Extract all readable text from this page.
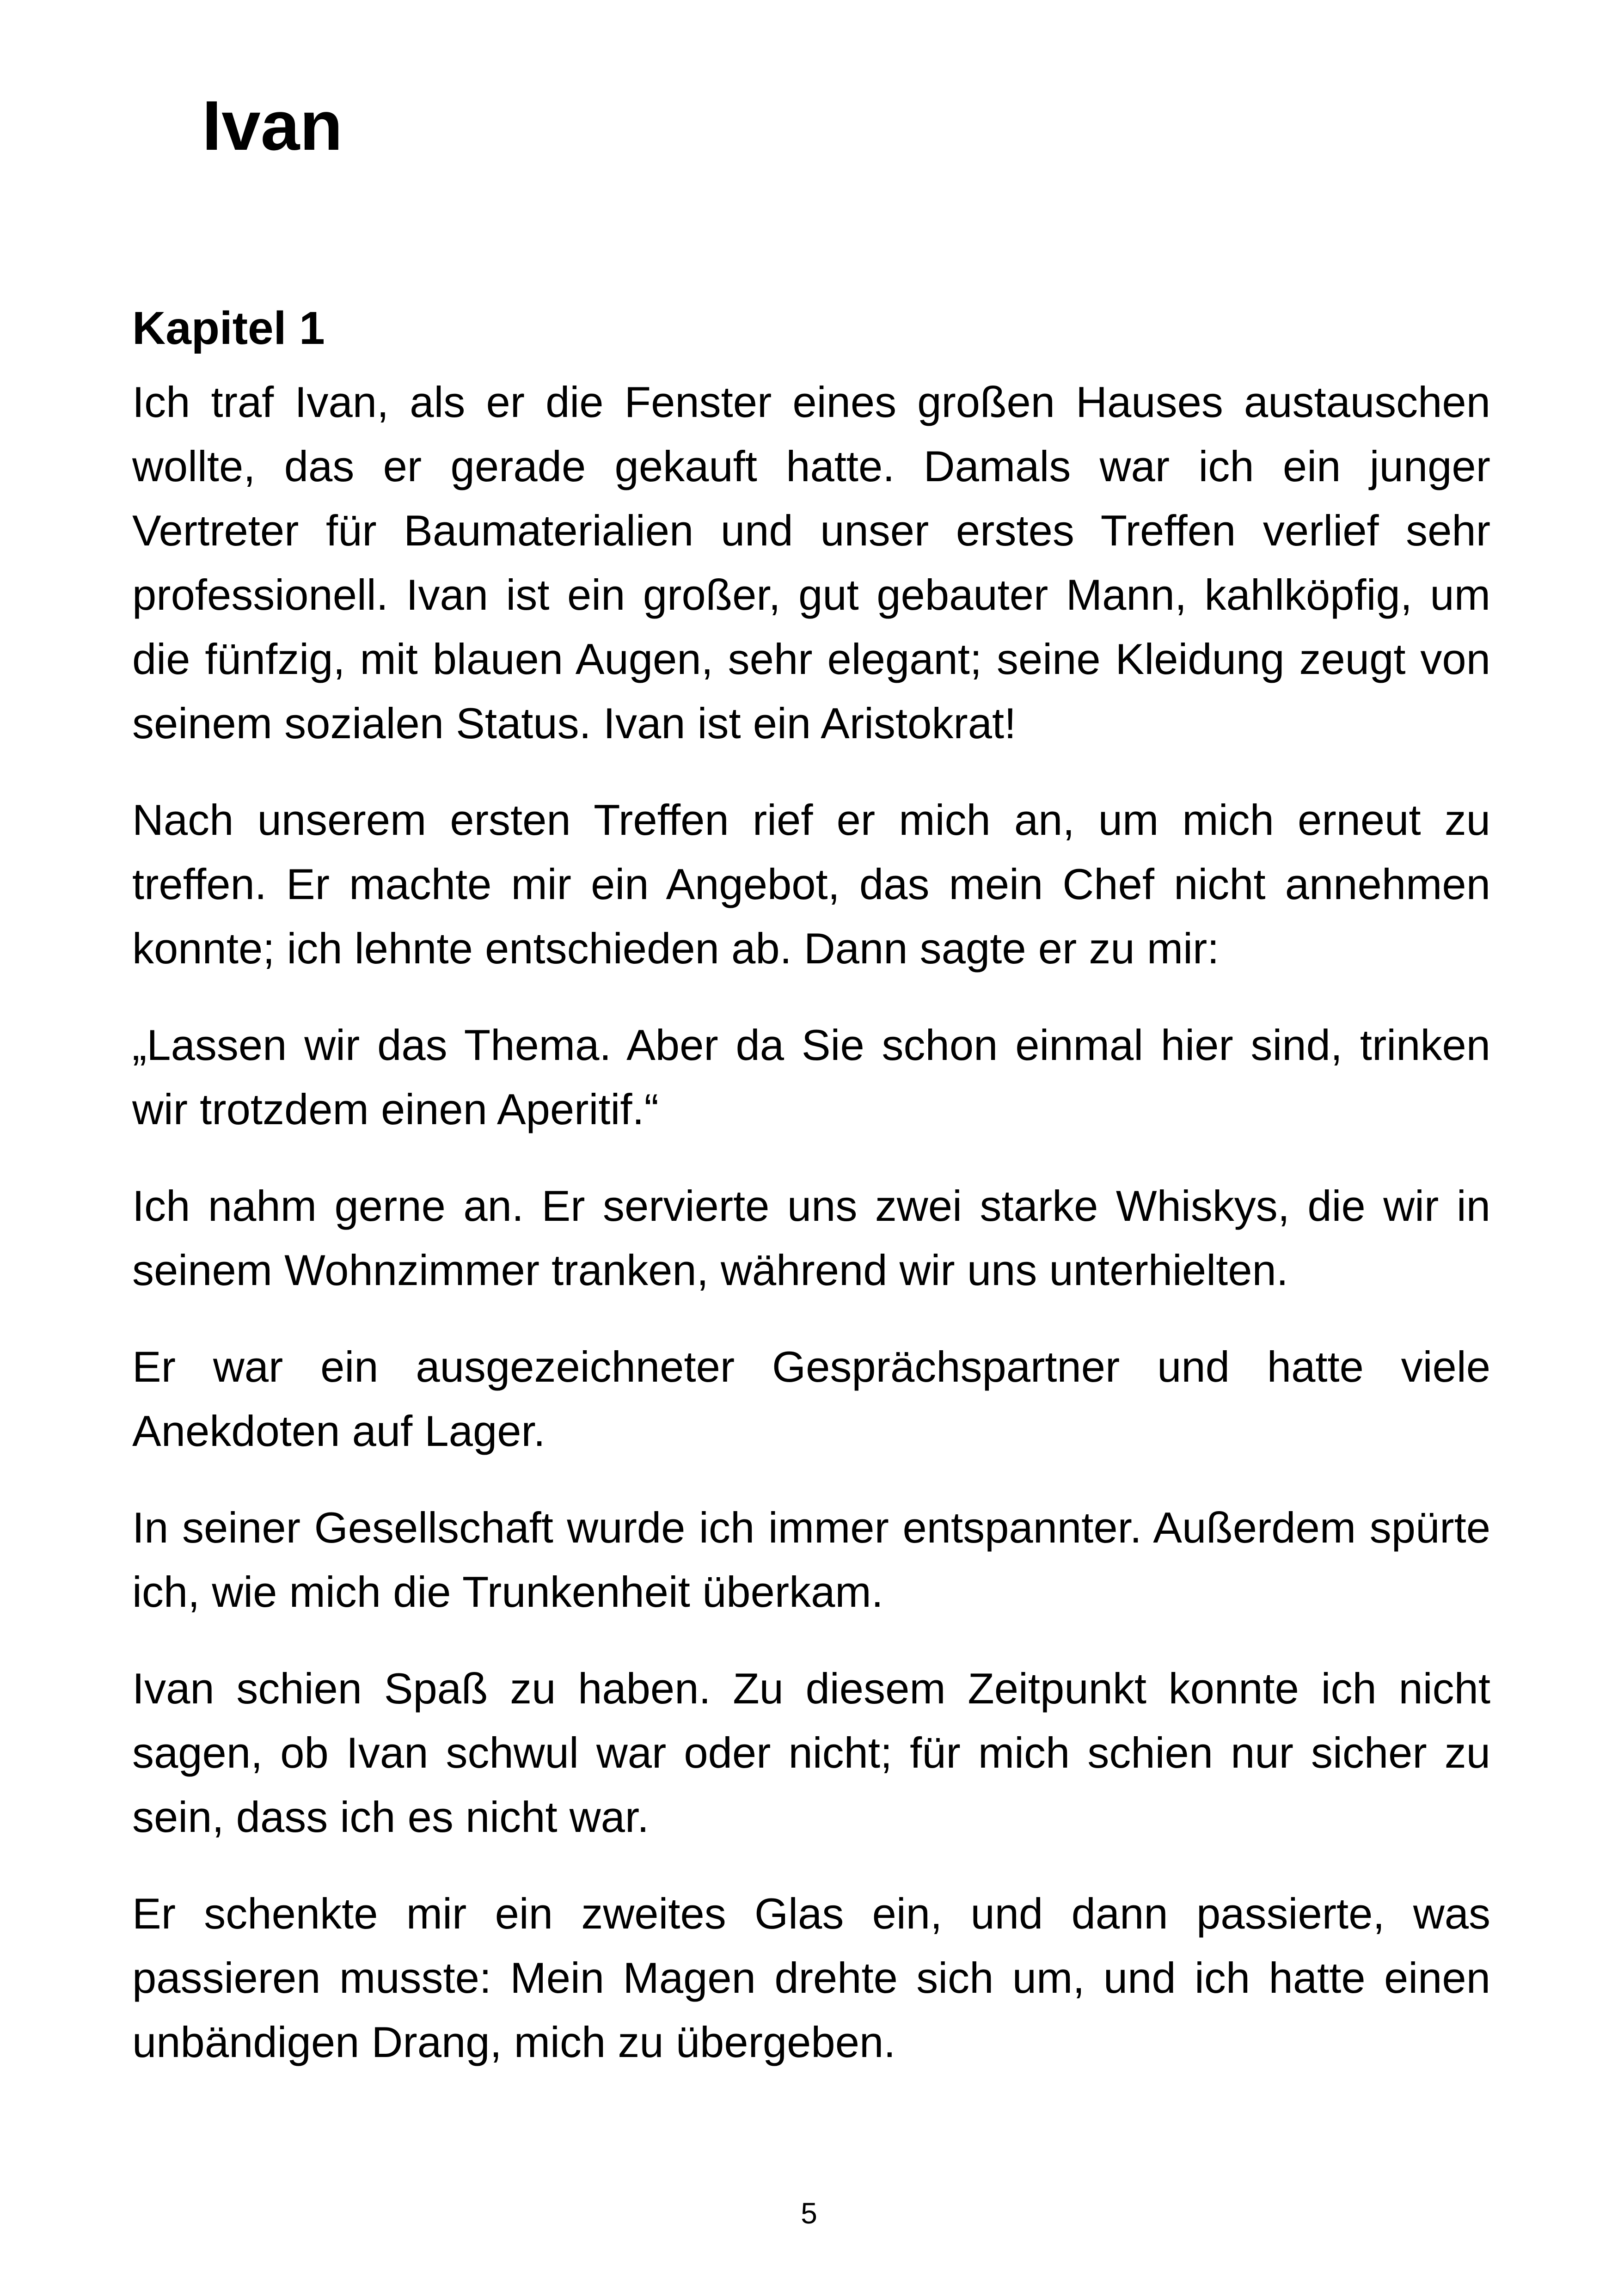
Ivan
Kapitel 1

Ich traf Ivan, als er die Fenster eines großen Hauses austauschen wollte, das er gerade gekauft hatte. Damals war ich ein junger Vertreter für Baumaterialien und unser erstes Treffen verlief sehr professionell. Ivan ist ein großer, gut gebauter Mann, kahlköpfig, um die fünfzig, mit blauen Augen, sehr elegant; seine Kleidung zeugt von seinem sozialen Status. Ivan ist ein Aristokrat!

Nach unserem ersten Treffen rief er mich an, um mich erneut zu treffen. Er machte mir ein Angebot, das mein Chef nicht annehmen konnte; ich lehnte entschieden ab. Dann sagte er zu mir:

„Lassen wir das Thema. Aber da Sie schon einmal hier sind, trinken wir trotzdem einen Aperitif.“

Ich nahm gerne an. Er servierte uns zwei starke Whiskys, die wir in seinem Wohnzimmer tranken, während wir uns unterhielten.

Er war ein ausgezeichneter Gesprächspartner und hatte viele Anekdoten auf Lager.

In seiner Gesellschaft wurde ich immer entspannter. Außerdem spürte ich, wie mich die Trunkenheit überkam.

Ivan schien Spaß zu haben. Zu diesem Zeitpunkt konnte ich nicht sagen, ob Ivan schwul war oder nicht; für mich schien nur sicher zu sein, dass ich es nicht war.

Er schenkte mir ein zweites Glas ein, und dann passierte, was passieren musste: Mein Magen drehte sich um, und ich hatte einen unbändigen Drang, mich zu übergeben.

5
